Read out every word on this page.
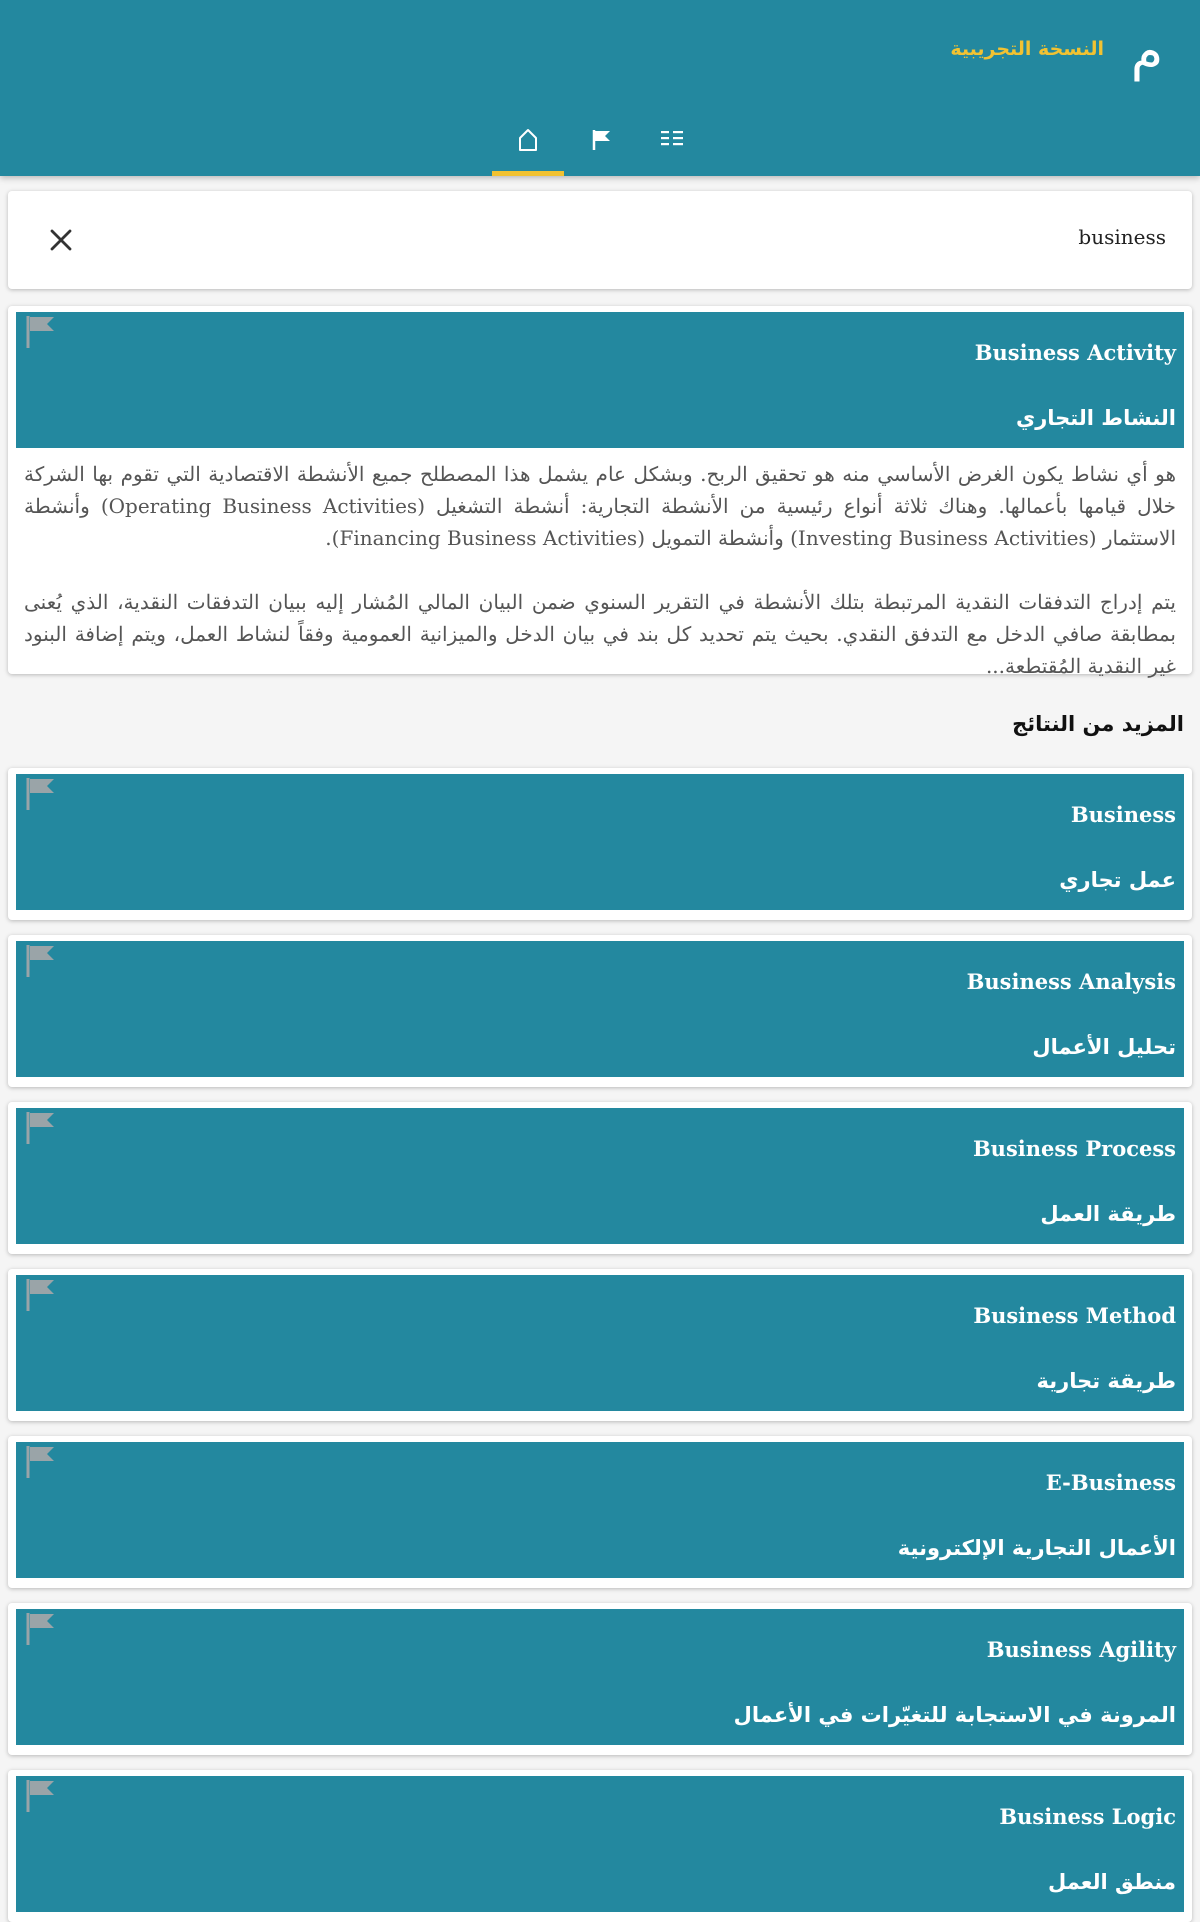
م
النسخة التجريبية
business
Business Activity
النشاط التجاري

هو أي نشاط يكون الغرض الأساسي منه هو تحقيق الربح. وبشكل عام يشمل هذا المصطلح جميع الأنشطة الاقتصادية التي تقوم بها الشركة خلال قيامها بأعمالها. وهناك ثلاثة أنواع رئيسية من الأنشطة التجارية: أنشطة التشغيل (Operating Business Activities) وأنشطة الاستثمار (Investing Business Activities) وأنشطة التمويل (Financing Business Activities).

يتم إدراج التدفقات النقدية المرتبطة بتلك الأنشطة في التقرير السنوي ضمن البيان المالي المُشار إليه ببيان التدفقات النقدية، الذي يُعنى بمطابقة صافي الدخل مع التدفق النقدي. بحيث يتم تحديد كل بند في بيان الدخل والميزانية العمومية وفقاً لنشاط العمل، ويتم إضافة البنود غير النقدية المُقتطعة...

المزيد من النتائج
Business
عمل تجاري
Business Analysis
تحليل الأعمال
Business Process
طريقة العمل
Business Method
طريقة تجارية
E-Business
الأعمال التجارية الإلكترونية
Business Agility
المرونة في الاستجابة للتغيّرات في الأعمال
Business Logic
منطق العمل
